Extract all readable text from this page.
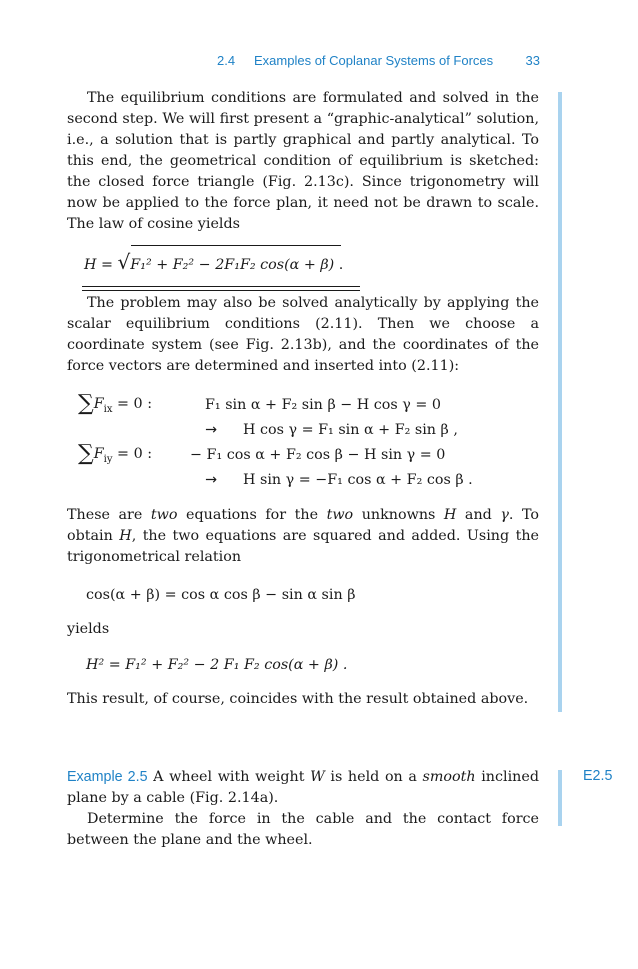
2.4 Examples of Coplanar Systems of Forces 33

The equilibrium conditions are formulated and solved in the second step. We will first present a “graphic-analytical” solution, i.e., a solution that is partly graphical and partly analytical. To this end, the geometrical condition of equilibrium is sketched: the closed force triangle (Fig. 2.13c). Since trigonometry will now be applied to the force plan, it need not be drawn to scale. The law of cosine yields

H = √F₁² + F₂² − 2F₁F₂ cos(α + β) .

The problem may also be solved analytically by applying the scalar equilibrium conditions (2.11). Then we choose a coordinate system (see Fig. 2.13b), and the coordinates of the force vectors are determined and inserted into (2.11):

$\sum F_{ix} = 0$ :	F₁ sin α + F₂ sin β − H cos γ = 0
→ H cos γ = F₁ sin α + F₂ sin β ,
$\sum F_{iy} = 0$ :	− F₁ cos α + F₂ cos β − H sin γ = 0
→ H sin γ = −F₁ cos α + F₂ cos β .

These are two equations for the two unknowns H and γ. To obtain H, the two equations are squared and added. Using the trigonometrical relation

cos(α + β) = cos α cos β − sin α sin β

yields

H² = F₁² + F₂² − 2 F₁ F₂ cos(α + β) .

This result, of course, coincides with the result obtained above.

Example 2.5 A wheel with weight W is held on a smooth inclined plane by a cable (Fig. 2.14a).

Determine the force in the cable and the contact force between the plane and the wheel.

E2.5
